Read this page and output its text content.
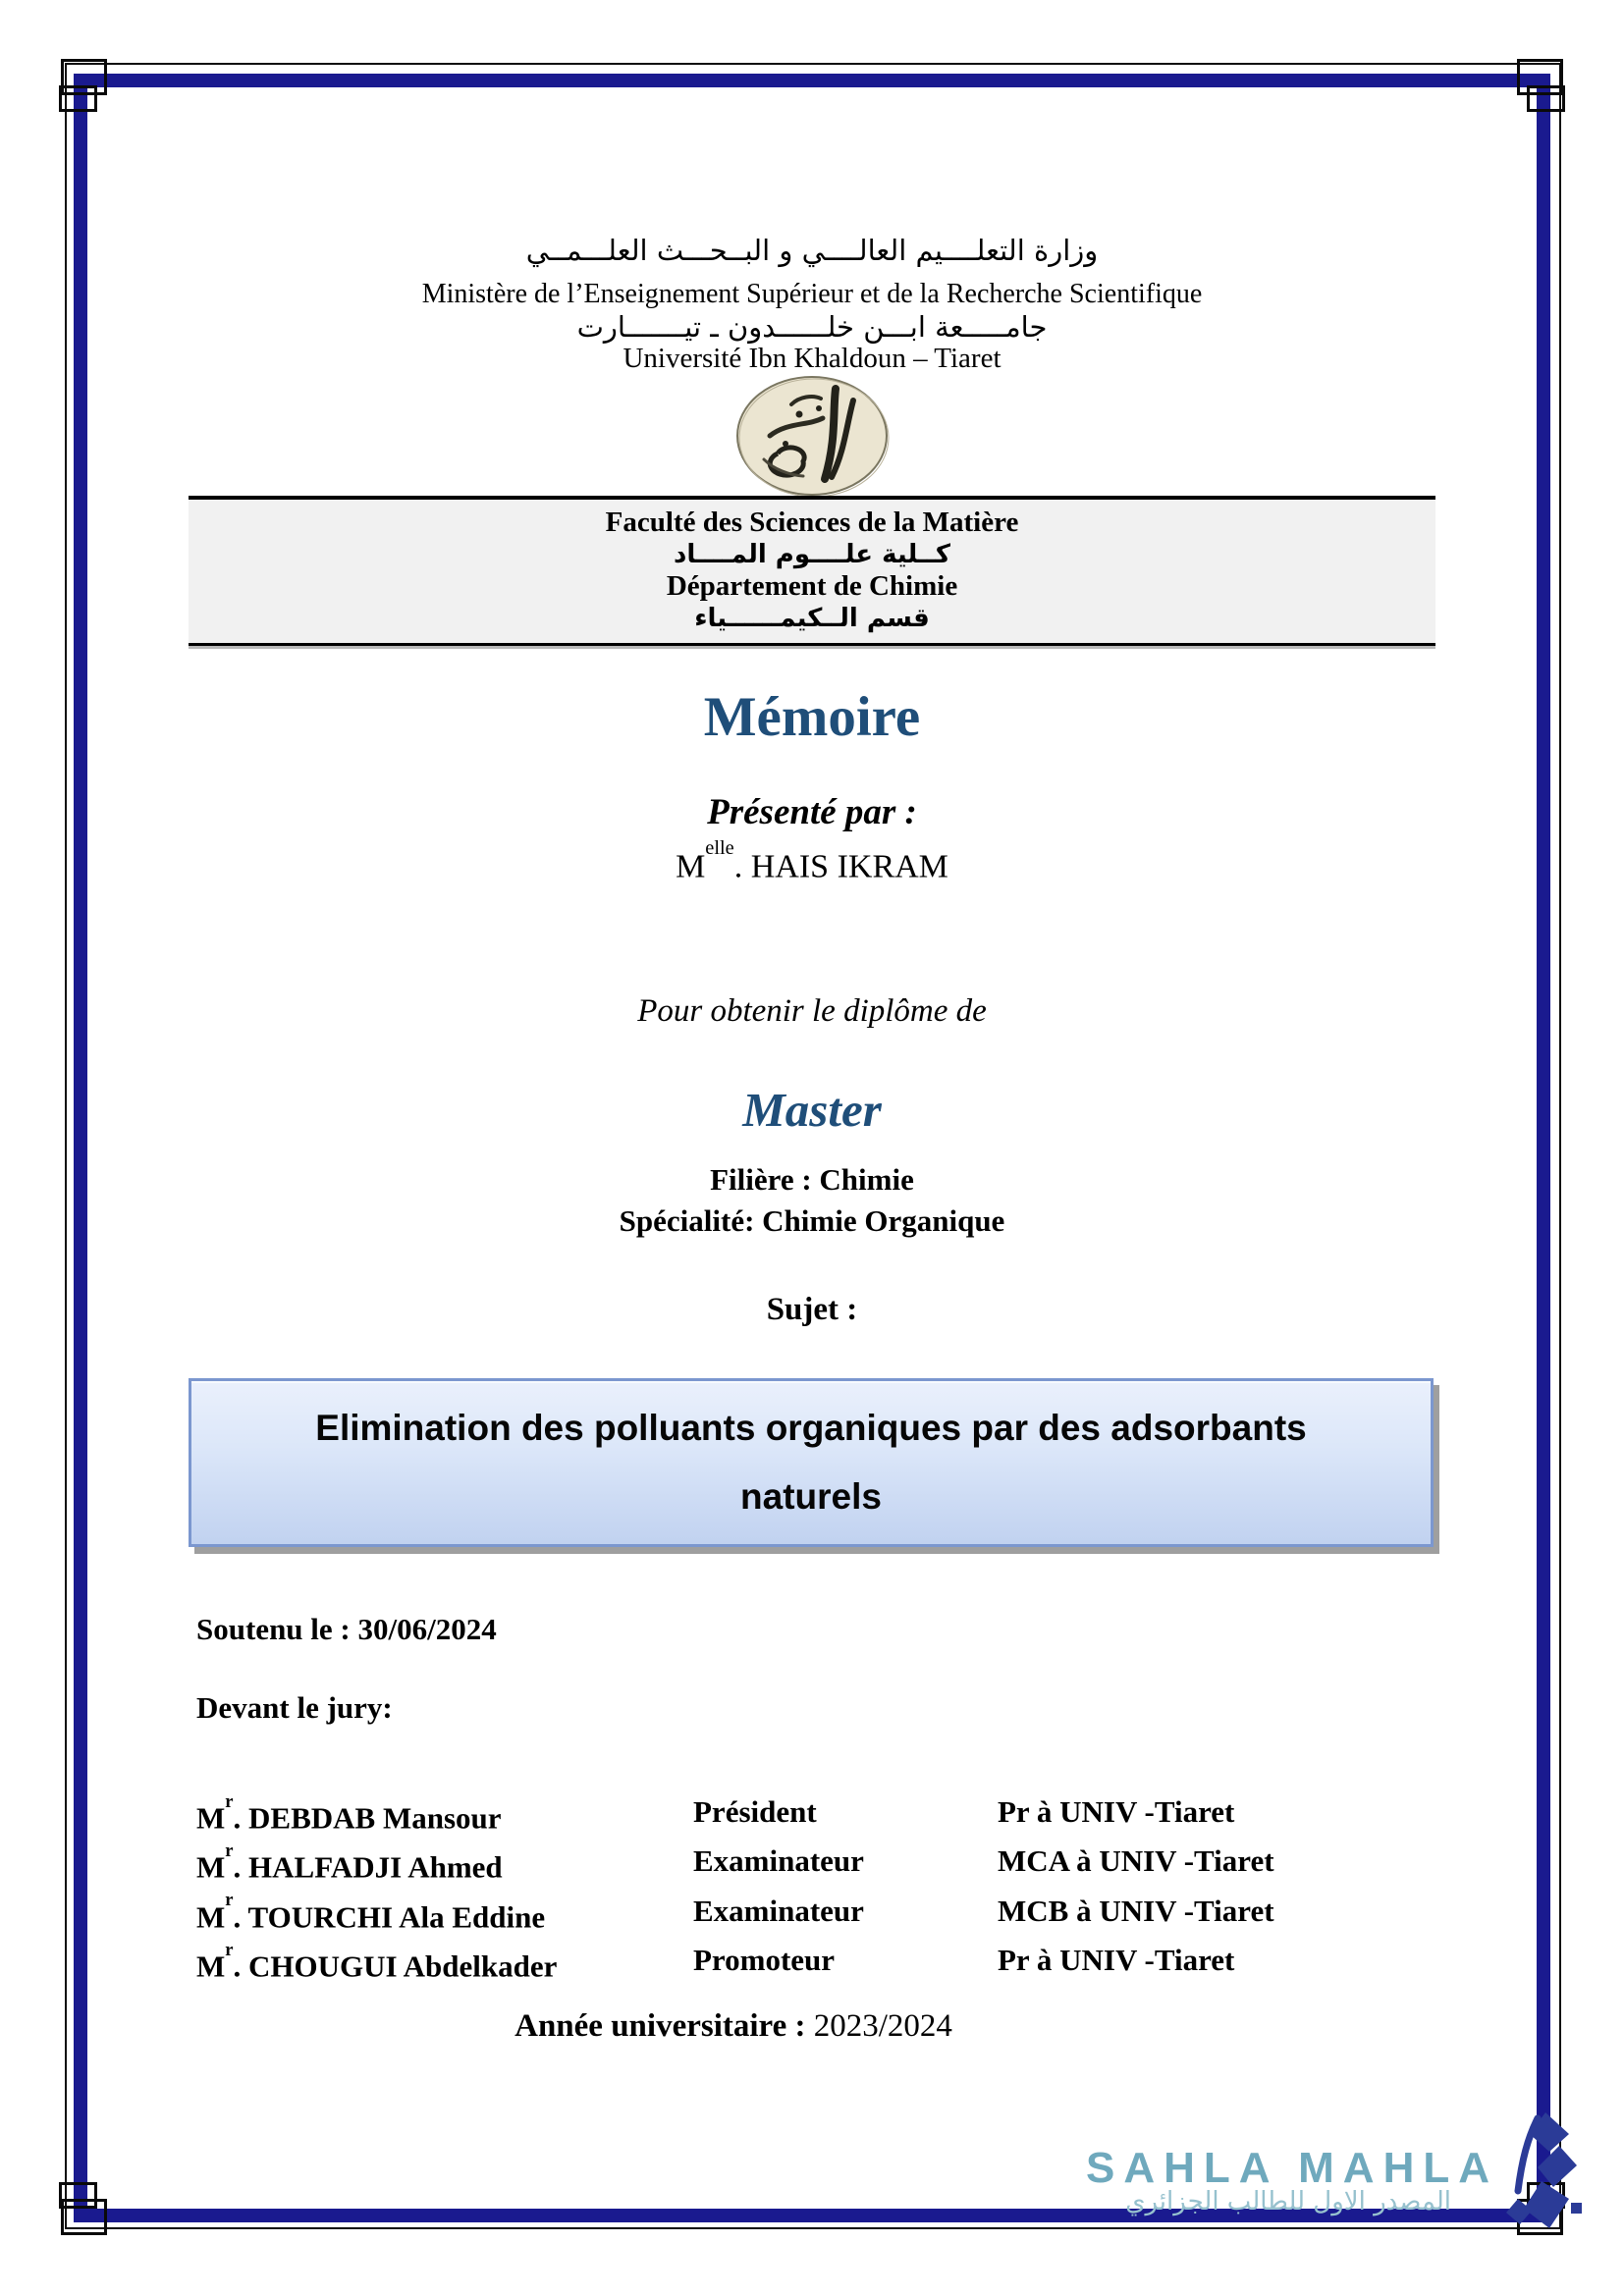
وزارة التعلــــيم العالــــي و البــحـــث العلـــمــي
Ministère de l’Enseignement Supérieur et de la Recherche Scientifique
جامـــــعة ابـــن خلــــــدون ـ تيـــــــارت
Université Ibn Khaldoun – Tiaret
Faculté des Sciences de la Matière
كــلية علــــوم المــــاد
Département de Chimie
قسم الــكيمــــــياء
Mémoire
Présenté par :
$M^{elle}$. HAIS IKRAM
Pour obtenir le diplôme de
Master
Filière : Chimie
Spécialité: Chimie Organique
Sujet :
Elimination des polluants organiques par des adsorbants
naturels
Soutenu le : 30/06/2024
Devant le jury:
$M^r$. DEBDAB Mansour	Président	Pr à UNIV -Tiaret
$M^r$. HALFADJI Ahmed	Examinateur	MCA à UNIV -Tiaret
$M^r$. TOURCHI Ala Eddine	Examinateur	MCB à UNIV -Tiaret
$M^r$. CHOUGUI Abdelkader	Promoteur	Pr à UNIV -Tiaret
Année universitaire : 2023/2024
SAHLA MAHLA
المصدر الاول للطالب الجزائري
